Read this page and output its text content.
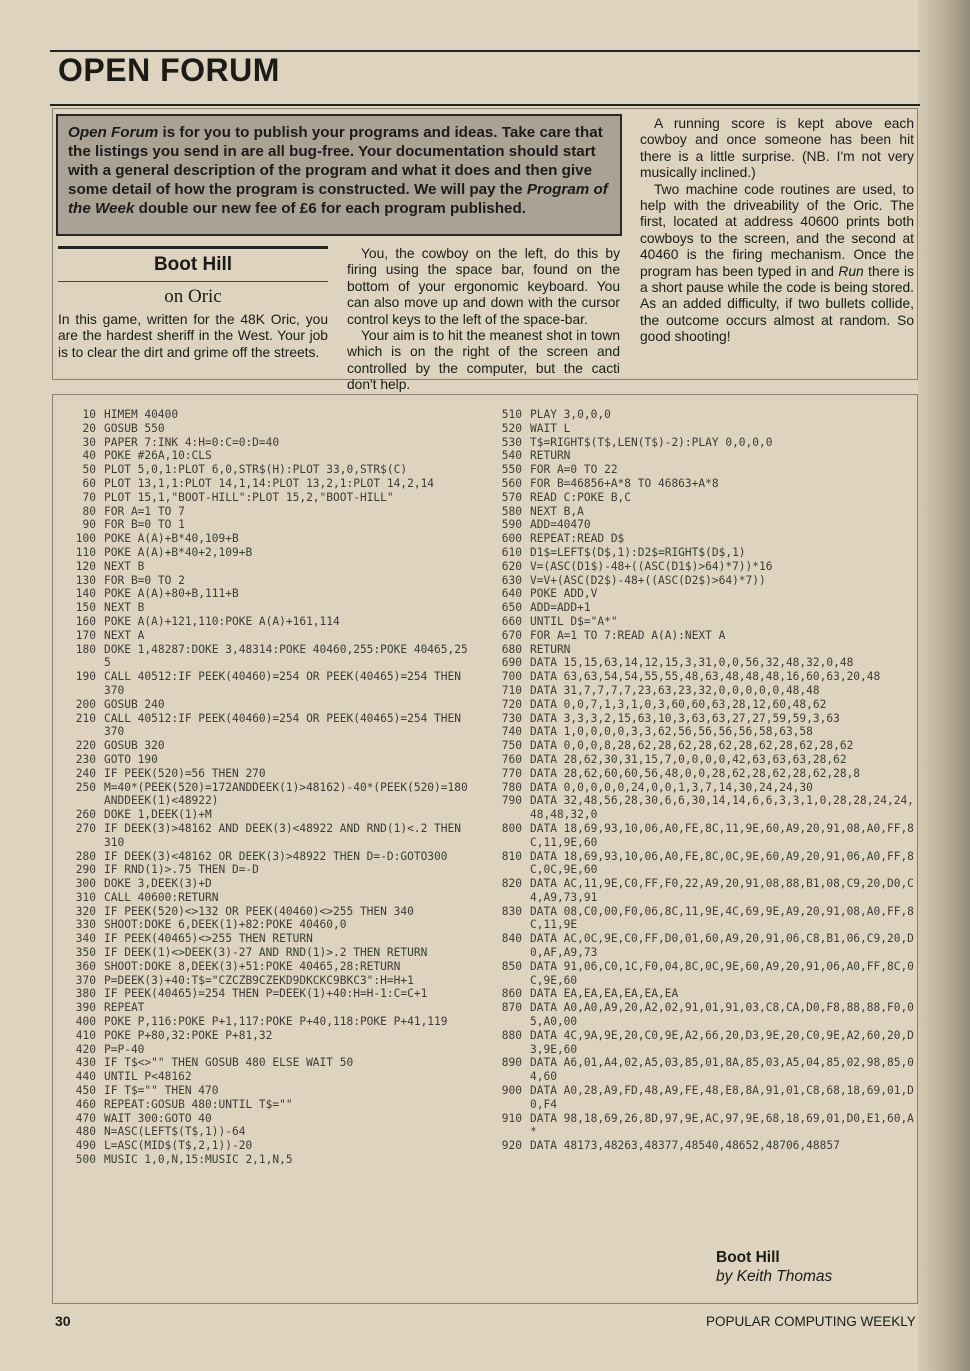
OPEN FORUM
Open Forum is for you to publish your programs and ideas. Take care that the listings you send in are all bug-free. Your documentation should start with a general description of the program and what it does and then give some detail of how the program is constructed. We will pay the Program of the Week double our new fee of £6 for each program published.
Boot Hill
on Oric

In this game, written for the 48K Oric, you are the hardest sheriff in the West. Your job is to clear the dirt and grime off the streets.

You, the cowboy on the left, do this by firing using the space bar, found on the bottom of your ergonomic keyboard. You can also move up and down with the cursor control keys to the left of the space-bar.

Your aim is to hit the meanest shot in town which is on the right of the screen and controlled by the computer, but the cacti don't help.

A running score is kept above each cowboy and once someone has been hit there is a little surprise. (NB. I'm not very musically inclined.)

Two machine code routines are used, to help with the driveability of the Oric. The first, located at address 40600 prints both cowboys to the screen, and the second at 40460 is the firing mechanism. Once the program has been typed in and Run there is a short pause while the code is being stored. As an added difficulty, if two bullets collide, the outcome occurs almost at random. So good shooting!

10 HIMEM 40400
20 GOSUB 550
30 PAPER 7:INK 4:H=0:C=0:D=40
40 POKE #26A,10:CLS
50 PLOT 5,0,1:PLOT 6,0,STR$(H):PLOT 33,0,STR$(C)
60 PLOT 13,1,1:PLOT 14,1,14:PLOT 13,2,1:PLOT 14,2,14
70 PLOT 15,1,"BOOT-HILL":PLOT 15,2,"BOOT-HILL"
80 FOR A=1 TO 7
90 FOR B=0 TO 1
100 POKE A(A)+B*40,109+B
110 POKE A(A)+B*40+2,109+B
120 NEXT B
130 FOR B=0 TO 2
140 POKE A(A)+80+B,111+B
150 NEXT B
160 POKE A(A)+121,110:POKE A(A)+161,114
170 NEXT A
180 DOKE 1,48287:DOKE 3,48314:POKE 40460,255:POKE 40465,255
190 CALL 40512:IF PEEK(40460)=254 OR PEEK(40465)=254 THEN 370
200 GOSUB 240
210 CALL 40512:IF PEEK(40460)=254 OR PEEK(40465)=254 THEN 370
220 GOSUB 320
230 GOTO 190
240 IF PEEK(520)=56 THEN 270
250 M=40*(PEEK(520)=172ANDDEEK(1)>48162)-40*(PEEK(520)=180ANDDEEK(1)<48922)
260 DOKE 1,DEEK(1)+M
270 IF DEEK(3)>48162 AND DEEK(3)<48922 AND RND(1)<.2 THEN 310
280 IF DEEK(3)<48162 OR DEEK(3)>48922 THEN D=-D:GOTO300
290 IF RND(1)>.75 THEN D=-D
300 DOKE 3,DEEK(3)+D
310 CALL 40600:RETURN
320 IF PEEK(520)<>132 OR PEEK(40460)<>255 THEN 340
330 SHOOT:DOKE 6,DEEK(1)+82:POKE 40460,0
340 IF PEEK(40465)<>255 THEN RETURN
350 IF DEEK(1)<>DEEK(3)-27 AND RND(1)>.2 THEN RETURN
360 SHOOT:DOKE 8,DEEK(3)+51:POKE 40465,28:RETURN
370 P=DEEK(3)+40:T$="CZCZB9CZEKD9DKCKC9BKC3":H=H+1
380 IF PEEK(40465)=254 THEN P=DEEK(1)+40:H=H-1:C=C+1
390 REPEAT
400 POKE P,116:POKE P+1,117:POKE P+40,118:POKE P+41,119
410 POKE P+80,32:POKE P+81,32
420 P=P-40
430 IF T$<>"" THEN GOSUB 480 ELSE WAIT 50
440 UNTIL P<48162
450 IF T$="" THEN 470
460 REPEAT:GOSUB 480:UNTIL T$=""
470 WAIT 300:GOTO 40
480 N=ASC(LEFT$(T$,1))-64
490 L=ASC(MID$(T$,2,1))-20
500 MUSIC 1,0,N,15:MUSIC 2,1,N,5
510 PLAY 3,0,0,0
520 WAIT L
530 T$=RIGHT$(T$,LEN(T$)-2):PLAY 0,0,0,0
540 RETURN
550 FOR A=0 TO 22
560 FOR B=46856+A*8 TO 46863+A*8
570 READ C:POKE B,C
580 NEXT B,A
590 ADD=40470
600 REPEAT:READ D$
610 D1$=LEFT$(D$,1):D2$=RIGHT$(D$,1)
620 V=(ASC(D1$)-48+((ASC(D1$)>64)*7))*16
630 V=V+(ASC(D2$)-48+((ASC(D2$)>64)*7))
640 POKE ADD,V
650 ADD=ADD+1
660 UNTIL D$="A*"
670 FOR A=1 TO 7:READ A(A):NEXT A
680 RETURN
690 DATA 15,15,63,14,12,15,3,31,0,0,56,32,48,32,0,48
700 DATA 63,63,54,54,55,55,48,63,48,48,48,16,60,63,20,48
710 DATA 31,7,7,7,7,23,63,23,32,0,0,0,0,0,48,48
720 DATA 0,0,7,1,3,1,0,3,60,60,63,28,12,60,48,62
730 DATA 3,3,3,2,15,63,10,3,63,63,27,27,59,59,3,63
740 DATA 1,0,0,0,0,3,3,62,56,56,56,56,58,63,58
750 DATA 0,0,0,8,28,62,28,62,28,62,28,62,28,62,28,62
760 DATA 28,62,30,31,15,7,0,0,0,0,42,63,63,63,28,62
770 DATA 28,62,60,60,56,48,0,0,28,62,28,62,28,62,28,8
780 DATA 0,0,0,0,0,24,0,0,1,3,7,14,30,24,24,30
790 DATA 32,48,56,28,30,6,6,30,14,14,6,6,3,3,1,0,28,28,24,24,48,48,32,0
800 DATA 18,69,93,10,06,A0,FE,8C,11,9E,60,A9,20,91,08,A0,FF,8C,11,9E,60
810 DATA 18,69,93,10,06,A0,FE,8C,0C,9E,60,A9,20,91,06,A0,FF,8C,0C,9E,60
820 DATA AC,11,9E,C0,FF,F0,22,A9,20,91,08,88,B1,08,C9,20,D0,C4,A9,73,91
830 DATA 08,C0,00,F0,06,8C,11,9E,4C,69,9E,A9,20,91,08,A0,FF,8C,11,9E
840 DATA AC,0C,9E,C0,FF,D0,01,60,A9,20,91,06,C8,B1,06,C9,20,D0,AF,A9,73
850 DATA 91,06,C0,1C,F0,04,8C,0C,9E,60,A9,20,91,06,A0,FF,8C,0C,9E,60
860 DATA EA,EA,EA,EA,EA,EA
870 DATA A0,A0,A9,20,A2,02,91,01,91,03,C8,CA,D0,F8,88,88,F0,05,A0,00
880 DATA 4C,9A,9E,20,C0,9E,A2,66,20,D3,9E,20,C0,9E,A2,60,20,D3,9E,60
890 DATA A6,01,A4,02,A5,03,85,01,8A,85,03,A5,04,85,02,98,85,04,60
900 DATA A0,28,A9,FD,48,A9,FE,48,E8,8A,91,01,C8,68,18,69,01,D0,F4
910 DATA 98,18,69,26,8D,97,9E,AC,97,9E,68,18,69,01,D0,E1,60,A*
920 DATA 48173,48263,48377,48540,48652,48706,48857
Boot Hill
by Keith Thomas
30	POPULAR COMPUTING WEEKLY
